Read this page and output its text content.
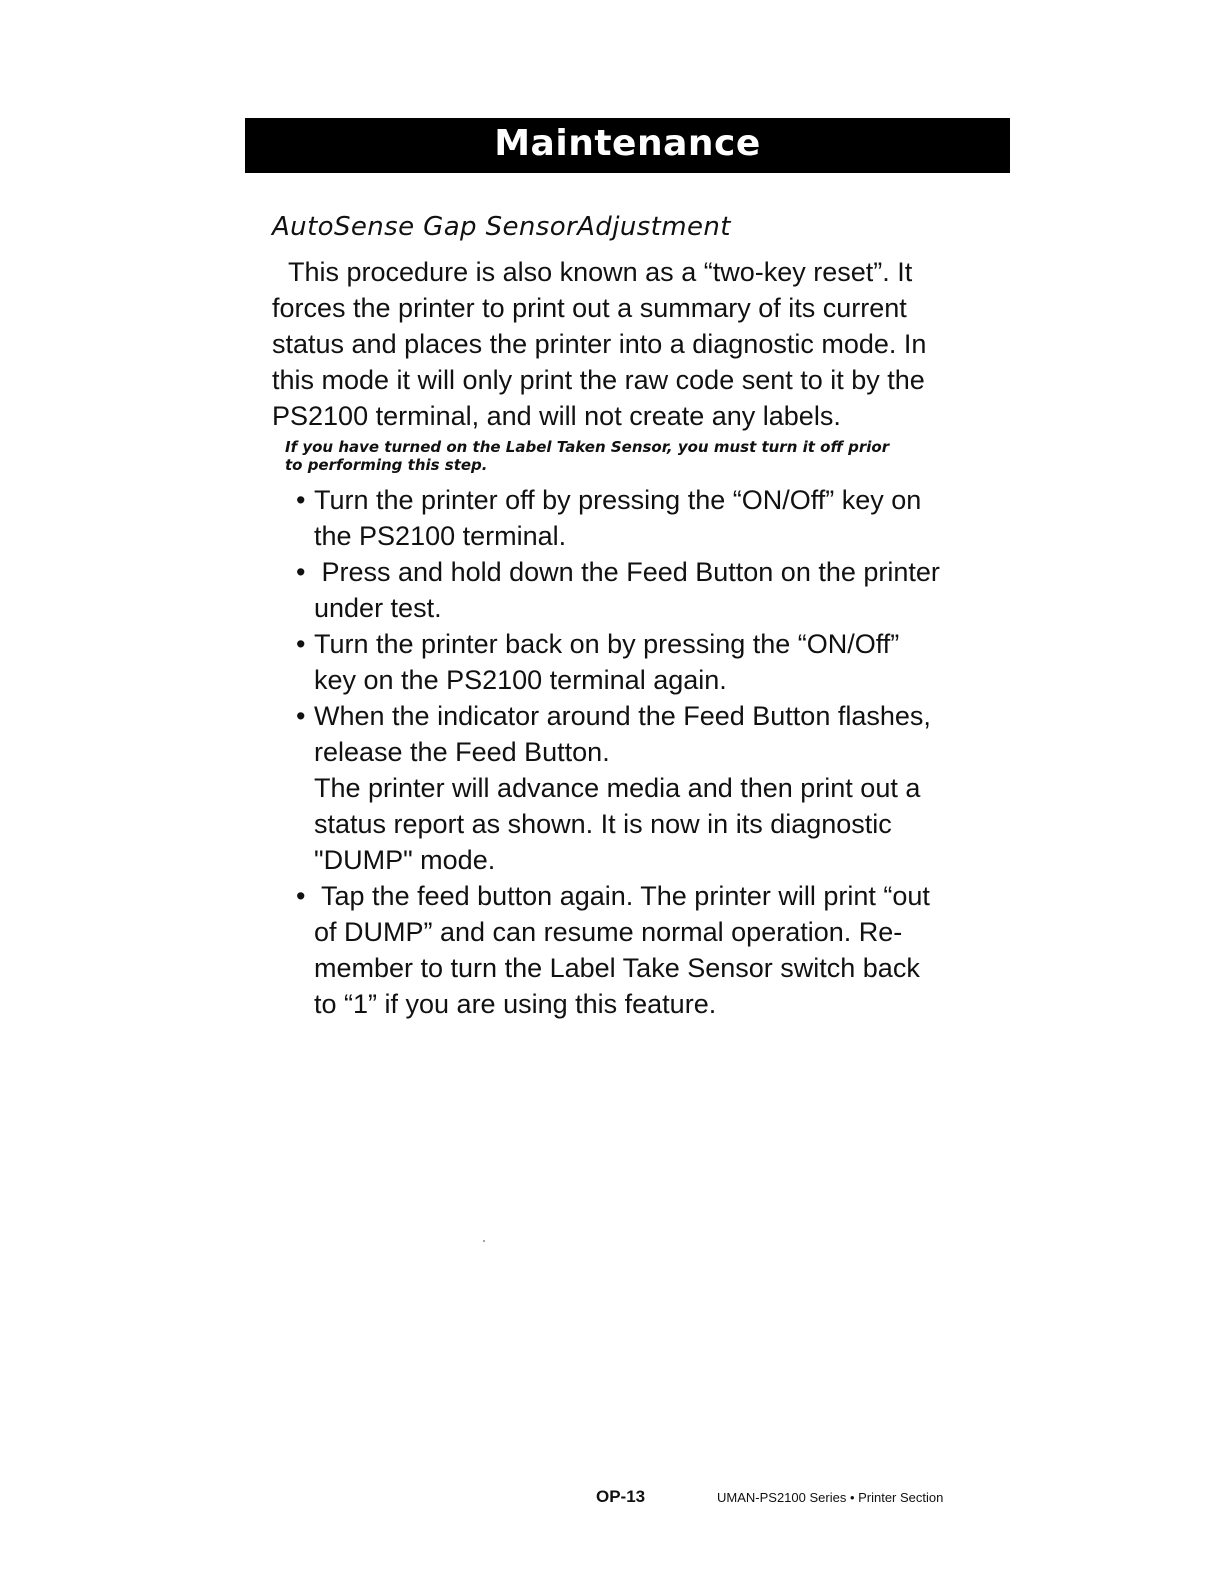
Maintenance
AutoSense Gap SensorAdjustment

This procedure is also known as a “two-key reset”. It
forces the printer to print out a summary of its current
status and places the printer into a diagnostic mode. In
this mode it will only print the raw code sent to it by the
PS2100 terminal, and will not create any labels.

If you have turned on the Label Taken Sensor, you must turn it off prior
to performing this step.

• Turn the printer off by pressing the “ON/Off” key on
the PS2100 terminal.
• Press and hold down the Feed Button on the printer
under test.
• Turn the printer back on by pressing the “ON/Off”
key on the PS2100 terminal again.
• When the indicator around the Feed Button flashes,
release the Feed Button.
The printer will advance media and then print out a
status report as shown. It is now in its diagnostic
"DUMP" mode.
• Tap the feed button again. The printer will print “out
of DUMP” and can resume normal operation. Re-
member to turn the Label Take Sensor switch back
to “1” if you are using this feature.
OP-13	UMAN-PS2100 Series • Printer Section
